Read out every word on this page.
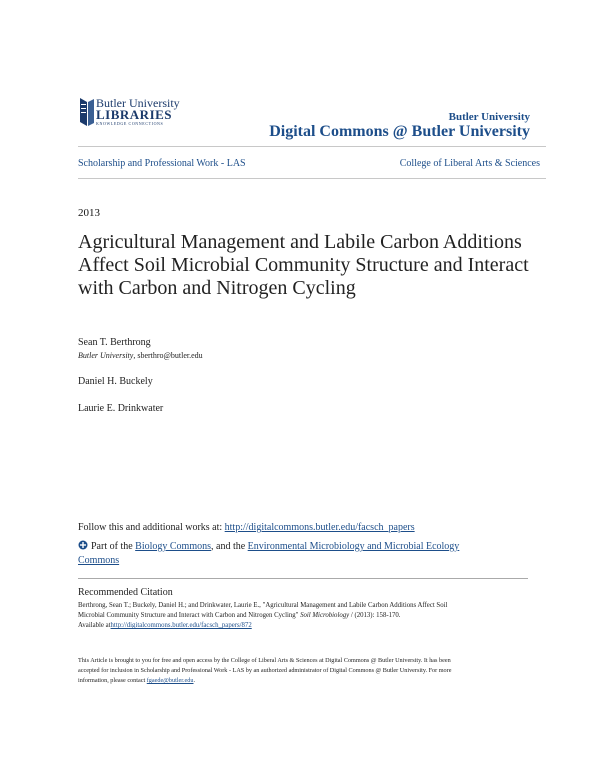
Butler University
LIBRARIES
KNOWLEDGE CONNECTIONS
Butler University
Digital Commons @ Butler University
Scholarship and Professional Work - LAS	College of Liberal Arts & Sciences
2013
Agricultural Management and Labile Carbon Additions Affect Soil Microbial Community Structure and Interact with Carbon and Nitrogen Cycling
Sean T. Berthrong
Butler University, sberthro@butler.edu
Daniel H. Buckely
Laurie E. Drinkwater
Follow this and additional works at: http://digitalcommons.butler.edu/facsch_papers
Part of the Biology Commons, and the Environmental Microbiology and Microbial Ecology
Commons
Recommended Citation
Berthrong, Sean T.; Buckely, Daniel H.; and Drinkwater, Laurie E., "Agricultural Management and Labile Carbon Additions Affect Soil
Microbial Community Structure and Interact with Carbon and Nitrogen Cycling" Soil Microbiology / (2013): 158-170.
Available athttp://digitalcommons.butler.edu/facsch_papers/872
This Article is brought to you for free and open access by the College of Liberal Arts & Sciences at Digital Commons @ Butler University. It has been
accepted for inclusion in Scholarship and Professional Work - LAS by an authorized administrator of Digital Commons @ Butler University. For more
information, please contact fgaede@butler.edu.
